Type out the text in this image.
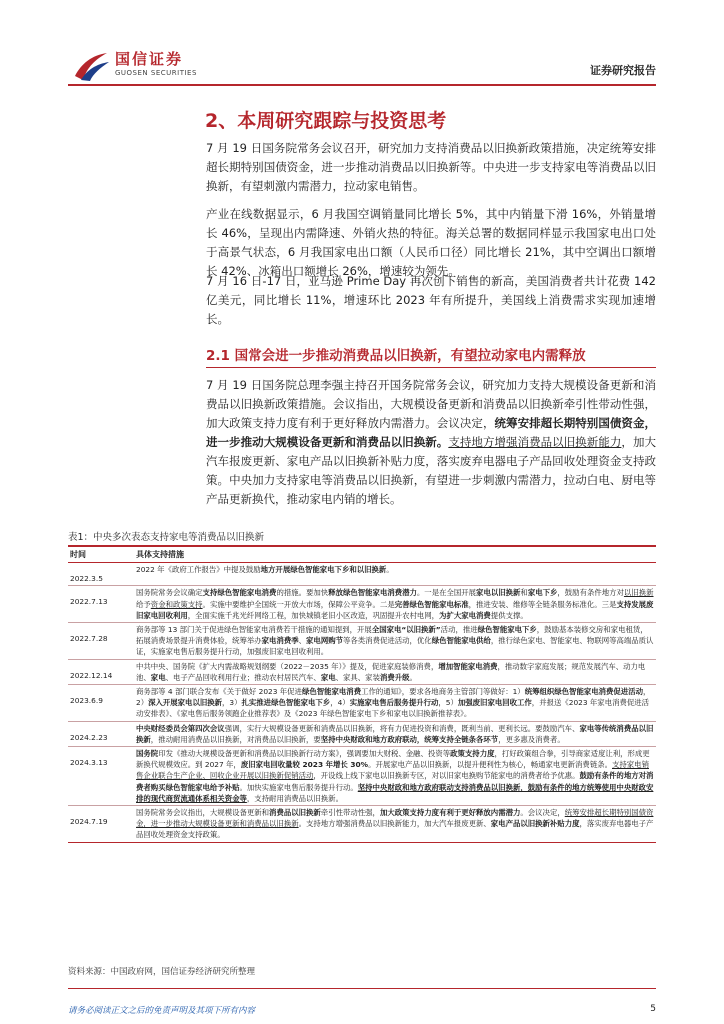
国信证券
GUOSEN SECURITIES	证券研究报告
2、本周研究跟踪与投资思考

7 月 19 日国务院常务会议召开，研究加力支持消费品以旧换新政策措施，决定统筹安排超长期特别国债资金，进一步推动消费品以旧换新等。中央进一步支持家电等消费品以旧换新，有望刺激内需潜力，拉动家电销售。

产业在线数据显示，6 月我国空调销量同比增长 5%，其中内销量下滑 16%，外销量增长 46%，呈现出内需降速、外销火热的特征。海关总署的数据同样显示我国家电出口处于高景气状态，6 月我国家电出口额（人民币口径）同比增长 21%，其中空调出口额增长 42%、冰箱出口额增长 26%，增速较为领先。

7 月 16 日-17 日，亚马逊 Prime Day 再次创下销售的新高，美国消费者共计花费 142 亿美元，同比增长 11%，增速环比 2023 年有所提升，美国线上消费需求实现加速增长。

2.1 国常会进一步推动消费品以旧换新，有望拉动家电内需释放

7 月 19 日国务院总理李强主持召开国务院常务会议，研究加力支持大规模设备更新和消费品以旧换新政策措施。会议指出，大规模设备更新和消费品以旧换新牵引性带动性强，加大政策支持力度有利于更好释放内需潜力。会议决定，统筹安排超长期特别国债资金，进一步推动大规模设备更新和消费品以旧换新。支持地方增强消费品以旧换新能力，加大汽车报废更新、家电产品以旧换新补贴力度，落实废弃电器电子产品回收处理资金支持政策。中央加力支持家电等消费品以旧换新，有望进一步刺激内需潜力，拉动白电、厨电等产品更新换代，推动家电内销的增长。

表1：中央多次表态支持家电等消费品以旧换新
时间	具体支持措施
2022.3.5	2022 年《政府工作报告》中提及鼓励地方开展绿色智能家电下乡和以旧换新。
2022.7.13	国务院常务会议确定支持绿色智能家电消费的措施。要加快释放绿色智能家电消费潜力。一是在全国开展家电以旧换新和家电下乡，鼓励有条件地方对以旧换新给予资金和政策支持。实施中要维护全国统一开放大市场，保障公平竞争。二是完善绿色智能家电标准，推进安装、维修等全链条服务标准化。三是支持发展废旧家电回收利用，全面实施千兆光纤网络工程，加快城镇老旧小区改造，巩固提升农村电网，为扩大家电消费提供支撑。
2022.7.28	商务部等 13 部门关于促进绿色智能家电消费若干措施的通知提到，开展全国家电“以旧换新”活动，推进绿色智能家电下乡，鼓励基本装修交房和家电租赁，拓展消费场景提升消费体验，统筹举办家电消费季、家电网购节等各类消费促进活动，优化绿色智能家电供给，推行绿色家电、智能家电、物联网等高端品质认证，实施家电售后服务提升行动，加强废旧家电回收利用。
2022.12.14	中共中央、国务院《扩大内需战略规划纲要（2022－2035 年）》提及，促进家庭装修消费，增加智能家电消费，推动数字家庭发展；规范发展汽车、动力电池、家电、电子产品回收利用行业；推动农村居民汽车、家电、家具、家装消费升级。
2023.6.9	商务部等 4 部门联合发布《关于做好 2023 年促进绿色智能家电消费工作的通知》，要求各地商务主管部门等做好：1）统筹组织绿色智能家电消费促进活动，2）深入开展家电以旧换新，3）扎实推进绿色智能家电下乡，4）实施家电售后服务提升行动，5）加强废旧家电回收工作，并报送《2023 年家电消费促进活动安排表》、《家电售后服务领跑企业推荐表》及《2023 年绿色智能家电下乡和家电以旧换新推荐表》。
2024.2.23	中央财经委员会第四次会议强调，实行大规模设备更新和消费品以旧换新，将有力促进投资和消费，既利当前、更利长远。要鼓励汽车、家电等传统消费品以旧换新，推动耐用消费品以旧换新，对消费品以旧换新，要坚持中央财政和地方政府联动，统筹支持全链条各环节，更多惠及消费者。
2024.3.13	国务院印发《推动大规模设备更新和消费品以旧换新行动方案》，强调要加大财税、金融、投资等政策支持力度，打好政策组合拳，引导商家适度让利，形成更新换代规模效应。到 2027 年，废旧家电回收量较 2023 年增长 30%。开展家电产品以旧换新，以提升便利性为核心，畅通家电更新消费链条。支持家电销售企业联合生产企业、回收企业开展以旧换新促销活动，开设线上线下家电以旧换新专区，对以旧家电换购节能家电的消费者给予优惠。鼓励有条件的地方对消费者购买绿色智能家电给予补贴。加快实施家电售后服务提升行动。坚持中央财政和地方政府联动支持消费品以旧换新，鼓励有条件的地方统筹使用中央财政安排的现代商贸流通体系相关资金等，支持耐用消费品以旧换新。
2024.7.19	国务院常务会议指出，大规模设备更新和消费品以旧换新牵引性带动性强，加大政策支持力度有利于更好释放内需潜力。会议决定，统筹安排超长期特别国债资金，进一步推动大规模设备更新和消费品以旧换新。支持地方增强消费品以旧换新能力，加大汽车报废更新、家电产品以旧换新补贴力度，落实废弃电器电子产品回收处理资金支持政策。
资料来源：中国政府网，国信证券经济研究所整理
请务必阅读正文之后的免责声明及其项下所有内容	5
